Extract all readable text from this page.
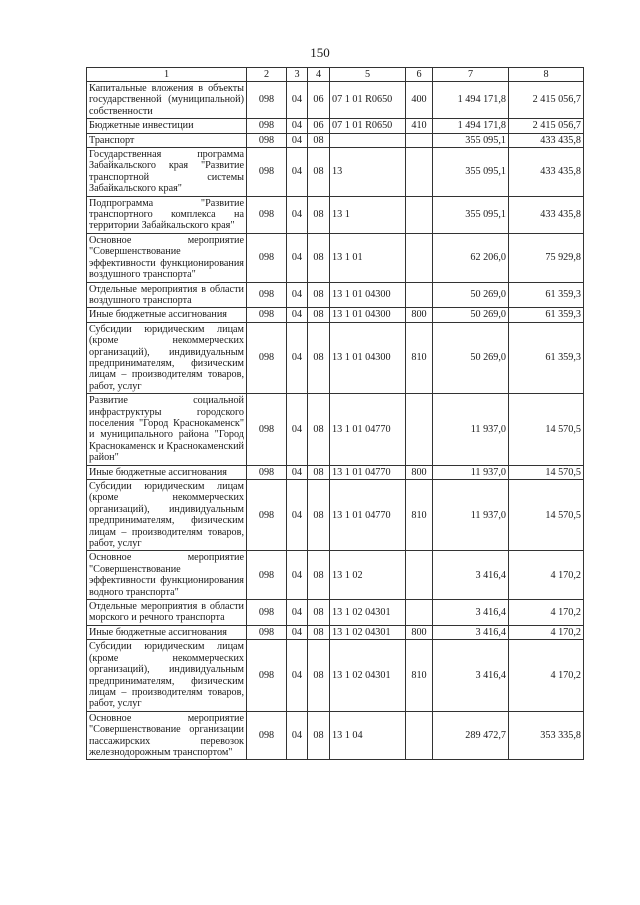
150
1	2	3	4	5	6	7	8
Капитальные вложения в объекты государственной (муниципальной) собственности	098	04	06	07 1 01 R0650	400	1 494 171,8	2 415 056,7
Бюджетные инвестиции	098	04	06	07 1 01 R0650	410	1 494 171,8	2 415 056,7
Транспорт	098	04	08			355 095,1	433 435,8
Государственная программа Забайкальского края "Развитие транспортной системы Забайкальского края"	098	04	08	13		355 095,1	433 435,8
Подпрограмма "Развитие транспортного комплекса на территории Забайкальского края"	098	04	08	13 1		355 095,1	433 435,8
Основное мероприятие "Совершенствование эффективности функционирования воздушного транспорта"	098	04	08	13 1 01		62 206,0	75 929,8
Отдельные мероприятия в области воздушного транспорта	098	04	08	13 1 01 04300		50 269,0	61 359,3
Иные бюджетные ассигнования	098	04	08	13 1 01 04300	800	50 269,0	61 359,3
Субсидии юридическим лицам (кроме некоммерческих организаций), индивидуальным предпринимателям, физическим лицам – производителям товаров, работ, услуг	098	04	08	13 1 01 04300	810	50 269,0	61 359,3
Развитие социальной инфраструктуры городского поселения "Город Краснокаменск" и муниципального района "Город Краснокаменск и Краснокаменский район"	098	04	08	13 1 01 04770		11 937,0	14 570,5
Иные бюджетные ассигнования	098	04	08	13 1 01 04770	800	11 937,0	14 570,5
Субсидии юридическим лицам (кроме некоммерческих организаций), индивидуальным предпринимателям, физическим лицам – производителям товаров, работ, услуг	098	04	08	13 1 01 04770	810	11 937,0	14 570,5
Основное мероприятие "Совершенствование эффективности функционирования водного транспорта"	098	04	08	13 1 02		3 416,4	4 170,2
Отдельные мероприятия в области морского и речного транспорта	098	04	08	13 1 02 04301		3 416,4	4 170,2
Иные бюджетные ассигнования	098	04	08	13 1 02 04301	800	3 416,4	4 170,2
Субсидии юридическим лицам (кроме некоммерческих организаций), индивидуальным предпринимателям, физическим лицам – производителям товаров, работ, услуг	098	04	08	13 1 02 04301	810	3 416,4	4 170,2
Основное мероприятие "Совершенствование организации пассажирских перевозок железнодорожным транспортом"	098	04	08	13 1 04		289 472,7	353 335,8
